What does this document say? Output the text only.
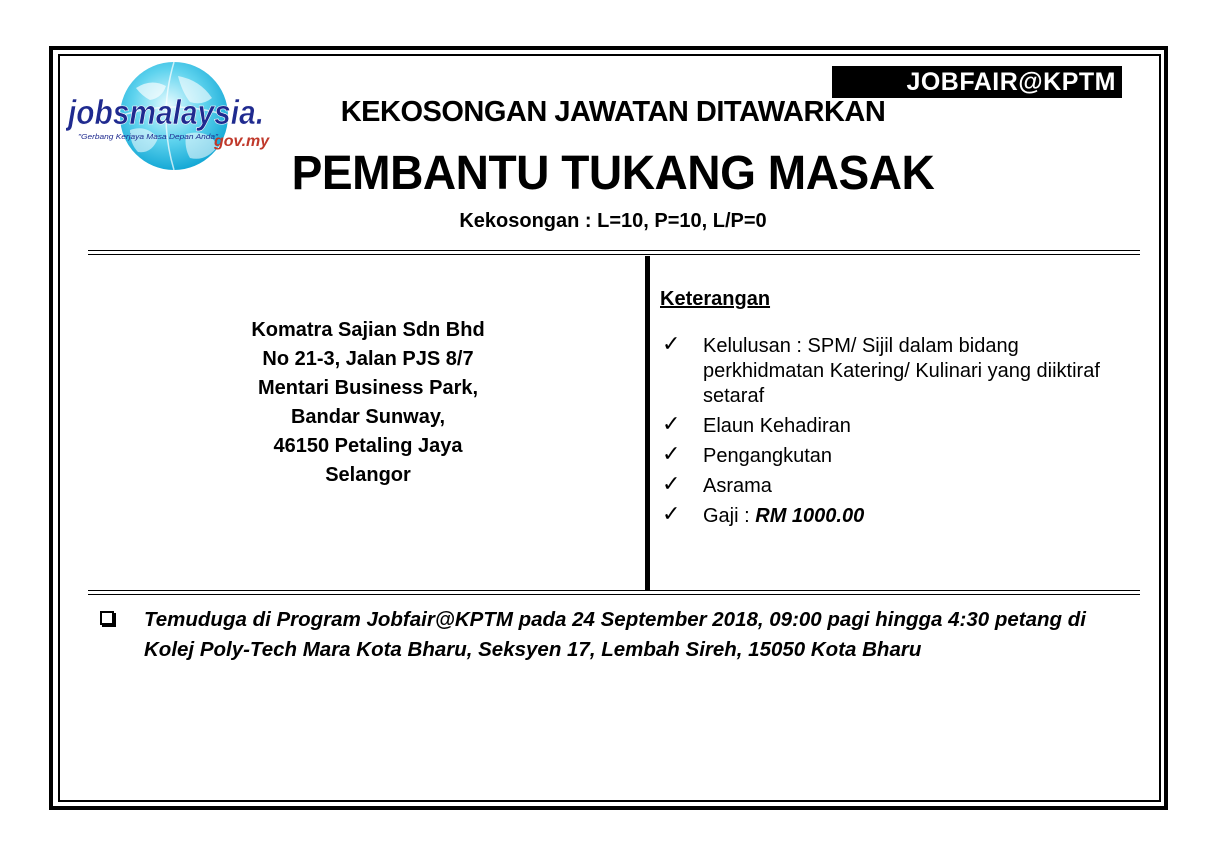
JOBFAIR@KPTM
jobsmalaysia.
"Gerbang Kerjaya Masa Depan Anda"
gov.my
KEKOSONGAN JAWATAN DITAWARKAN
PEMBANTU TUKANG MASAK
Kekosongan : L=10, P=10, L/P=0
Komatra Sajian Sdn Bhd
No 21-3, Jalan PJS 8/7
Mentari Business Park,
Bandar Sunway,
46150 Petaling Jaya
Selangor
Keterangan
✓ Kelulusan : SPM/ Sijil dalam bidang perkhidmatan Katering/ Kulinari yang diiktiraf setaraf
✓ Elaun Kehadiran
✓ Pengangkutan
✓ Asrama
✓ Gaji : RM 1000.00
Temuduga di Program Jobfair@KPTM pada 24 September 2018, 09:00 pagi hingga 4:30 petang di Kolej Poly-Tech Mara Kota Bharu, Seksyen 17, Lembah Sireh, 15050 Kota Bharu
